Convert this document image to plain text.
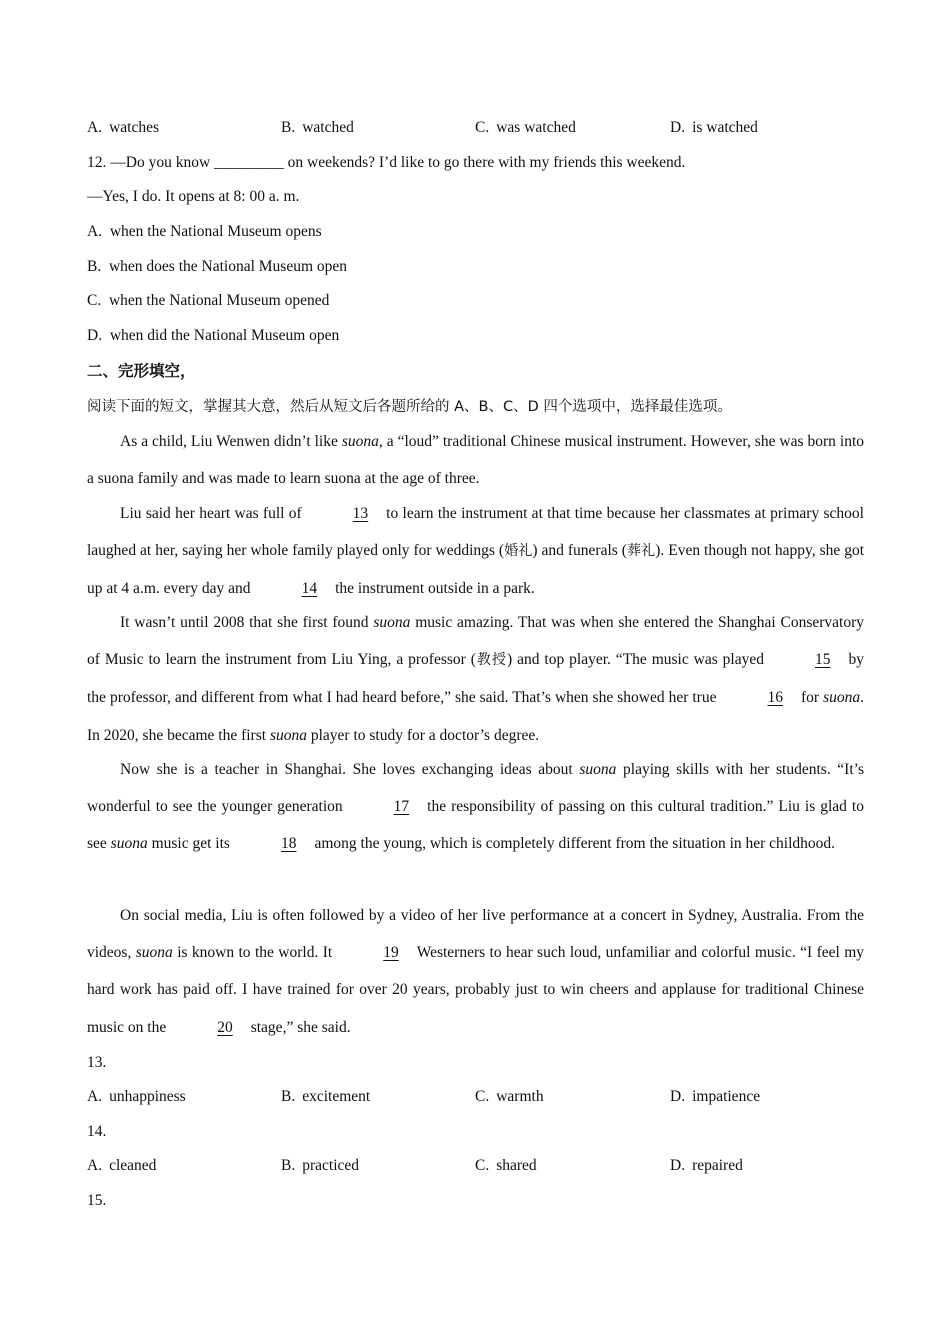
A. watches	B. watched	C. was watched	D. is watched
12. —Do you know _________ on weekends? I’d like to go there with my friends this weekend.
—Yes, I do. It opens at 8: 00 a. m.
A. when the National Museum opens
B. when does the National Museum open
C. when the National Museum opened
D. when did the National Museum open
二、完形填空，
阅读下面的短文，掌握其大意，然后从短文后各题所给的 A、B、C、D 四个选项中，选择最佳选项。
As a child, Liu Wenwen didn’t like suona, a “loud” traditional Chinese musical instrument. However, she was born into a suona family and was made to learn suona at the age of three.
Liu said her heart was full of	13 to learn the instrument at that time because her classmates at primary school laughed at her, saying her whole family played only for weddings (婚礼) and funerals (葬礼). Even though not happy, she got up at 4 a.m. every day and	14 the instrument outside in a park.
It wasn’t until 2008 that she first found suona music amazing. That was when she entered the Shanghai Conservatory of Music to learn the instrument from Liu Ying, a professor (教授) and top player. “The music was played	15 by the professor, and different from what I had heard before,” she said. That’s when she showed her true	16 for suona. In 2020, she became the first suona player to study for a doctor’s degree.
Now she is a teacher in Shanghai. She loves exchanging ideas about suona playing skills with her students. “It’s wonderful to see the younger generation	17 the responsibility of passing on this cultural tradition.” Liu is glad to see suona music get its	18 among the young, which is completely different from the situation in her childhood.
On social media, Liu is often followed by a video of her live performance at a concert in Sydney, Australia. From the videos, suona is known to the world. It	19 Westerners to hear such loud, unfamiliar and colorful music. “I feel my hard work has paid off. I have trained for over 20 years, probably just to win cheers and applause for traditional Chinese music on the	20 stage,” she said.
13.
A. unhappiness	B. excitement	C. warmth	D. impatience
14.
A. cleaned	B. practiced	C. shared	D. repaired
15.
